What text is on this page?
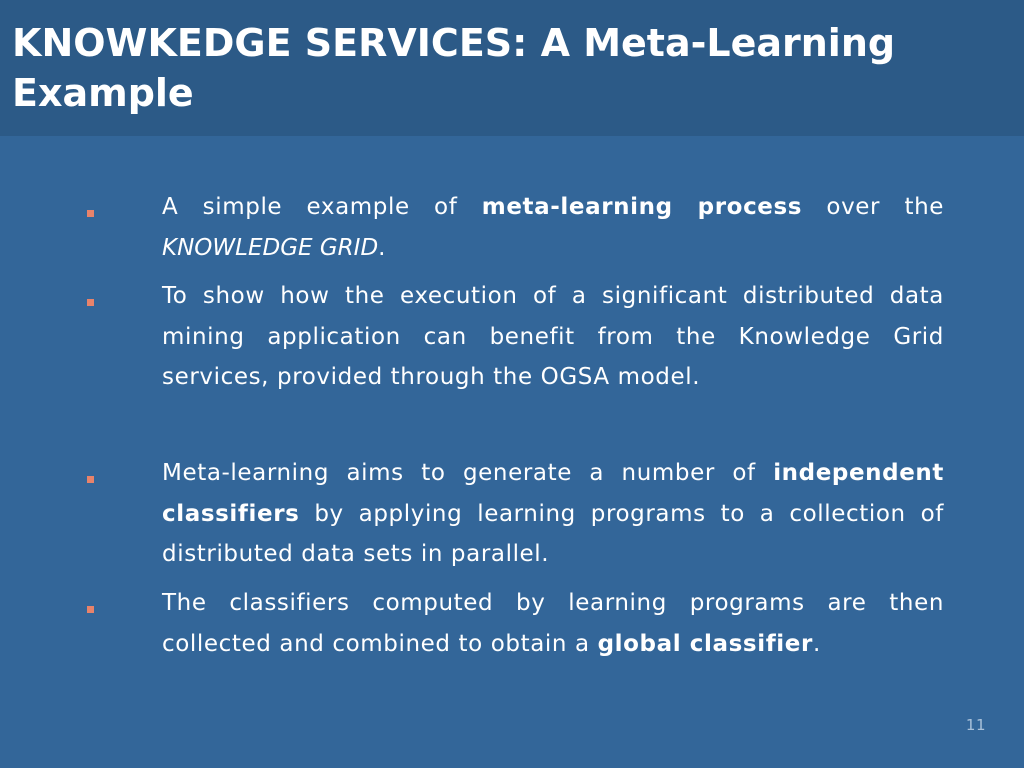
KNOWKEDGE SERVICES: A Meta-Learning Example

A simple example of meta-learning process over the KNOWLEDGE GRID.

To show how the execution of a significant distributed data mining application can benefit from the Knowledge Grid services, provided through the OGSA model.

Meta-learning aims to generate a number of independent classifiers by applying learning programs to a collection of distributed data sets in parallel.

The classifiers computed by learning programs are then collected and combined to obtain a global classifier.

11
